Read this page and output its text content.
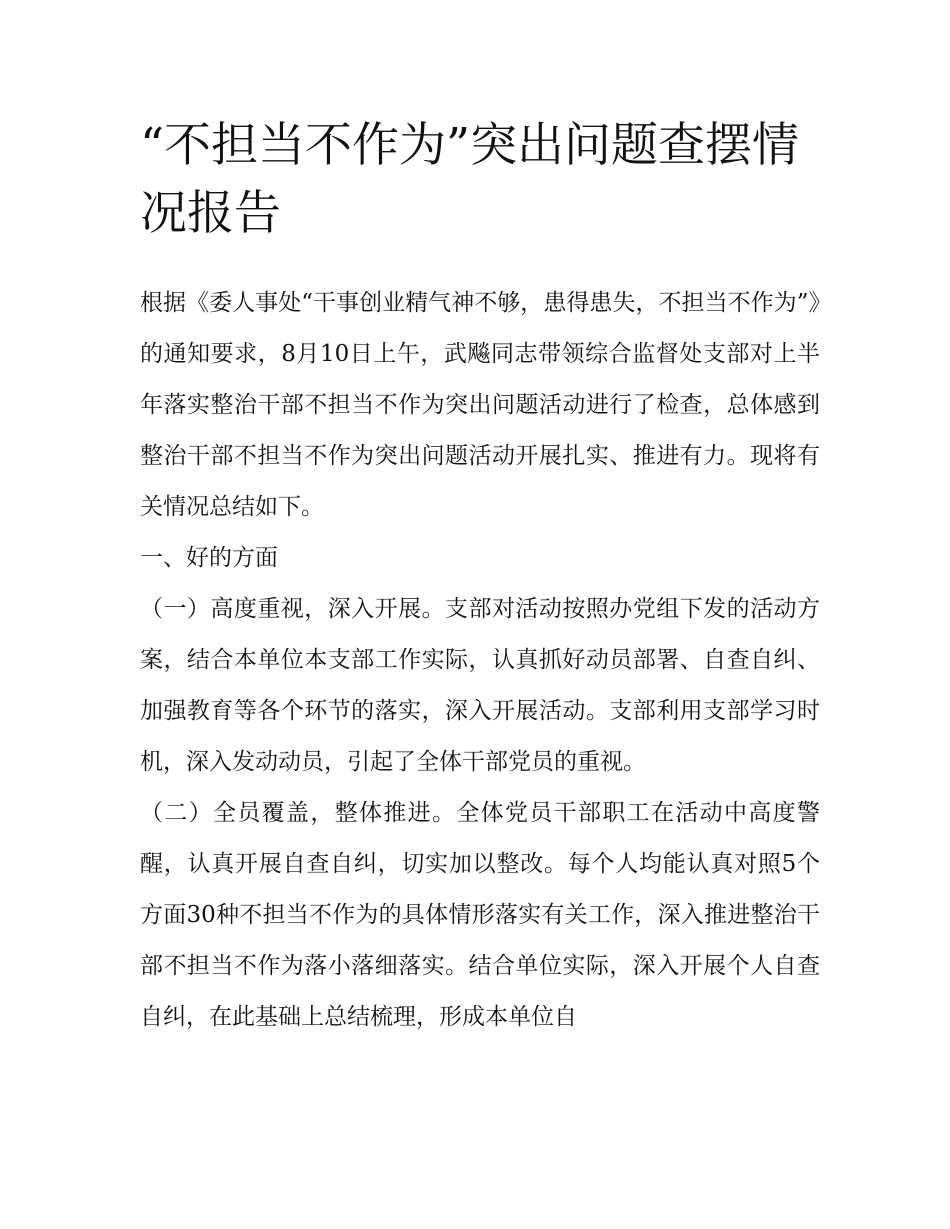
“不担当不作为”突出问题查摆情况报告

根据《委人事处“干事创业精气神不够，患得患失，不担当不作为”》的通知要求，8月10日上午，武飚同志带领综合监督处支部对上半年落实整治干部不担当不作为突出问题活动进行了检查，总体感到整治干部不担当不作为突出问题活动开展扎实、推进有力。现将有关情况总结如下。

一、好的方面

（一）高度重视，深入开展。支部对活动按照办党组下发的活动方案，结合本单位本支部工作实际，认真抓好动员部署、自查自纠、加强教育等各个环节的落实，深入开展活动。支部利用支部学习时机，深入发动动员，引起了全体干部党员的重视。

（二）全员覆盖，整体推进。全体党员干部职工在活动中高度警醒，认真开展自查自纠，切实加以整改。每个人均能认真对照5个方面30种不担当不作为的具体情形落实有关工作，深入推进整治干部不担当不作为落小落细落实。结合单位实际，深入开展个人自查自纠，在此基础上总结梳理，形成本单位自
